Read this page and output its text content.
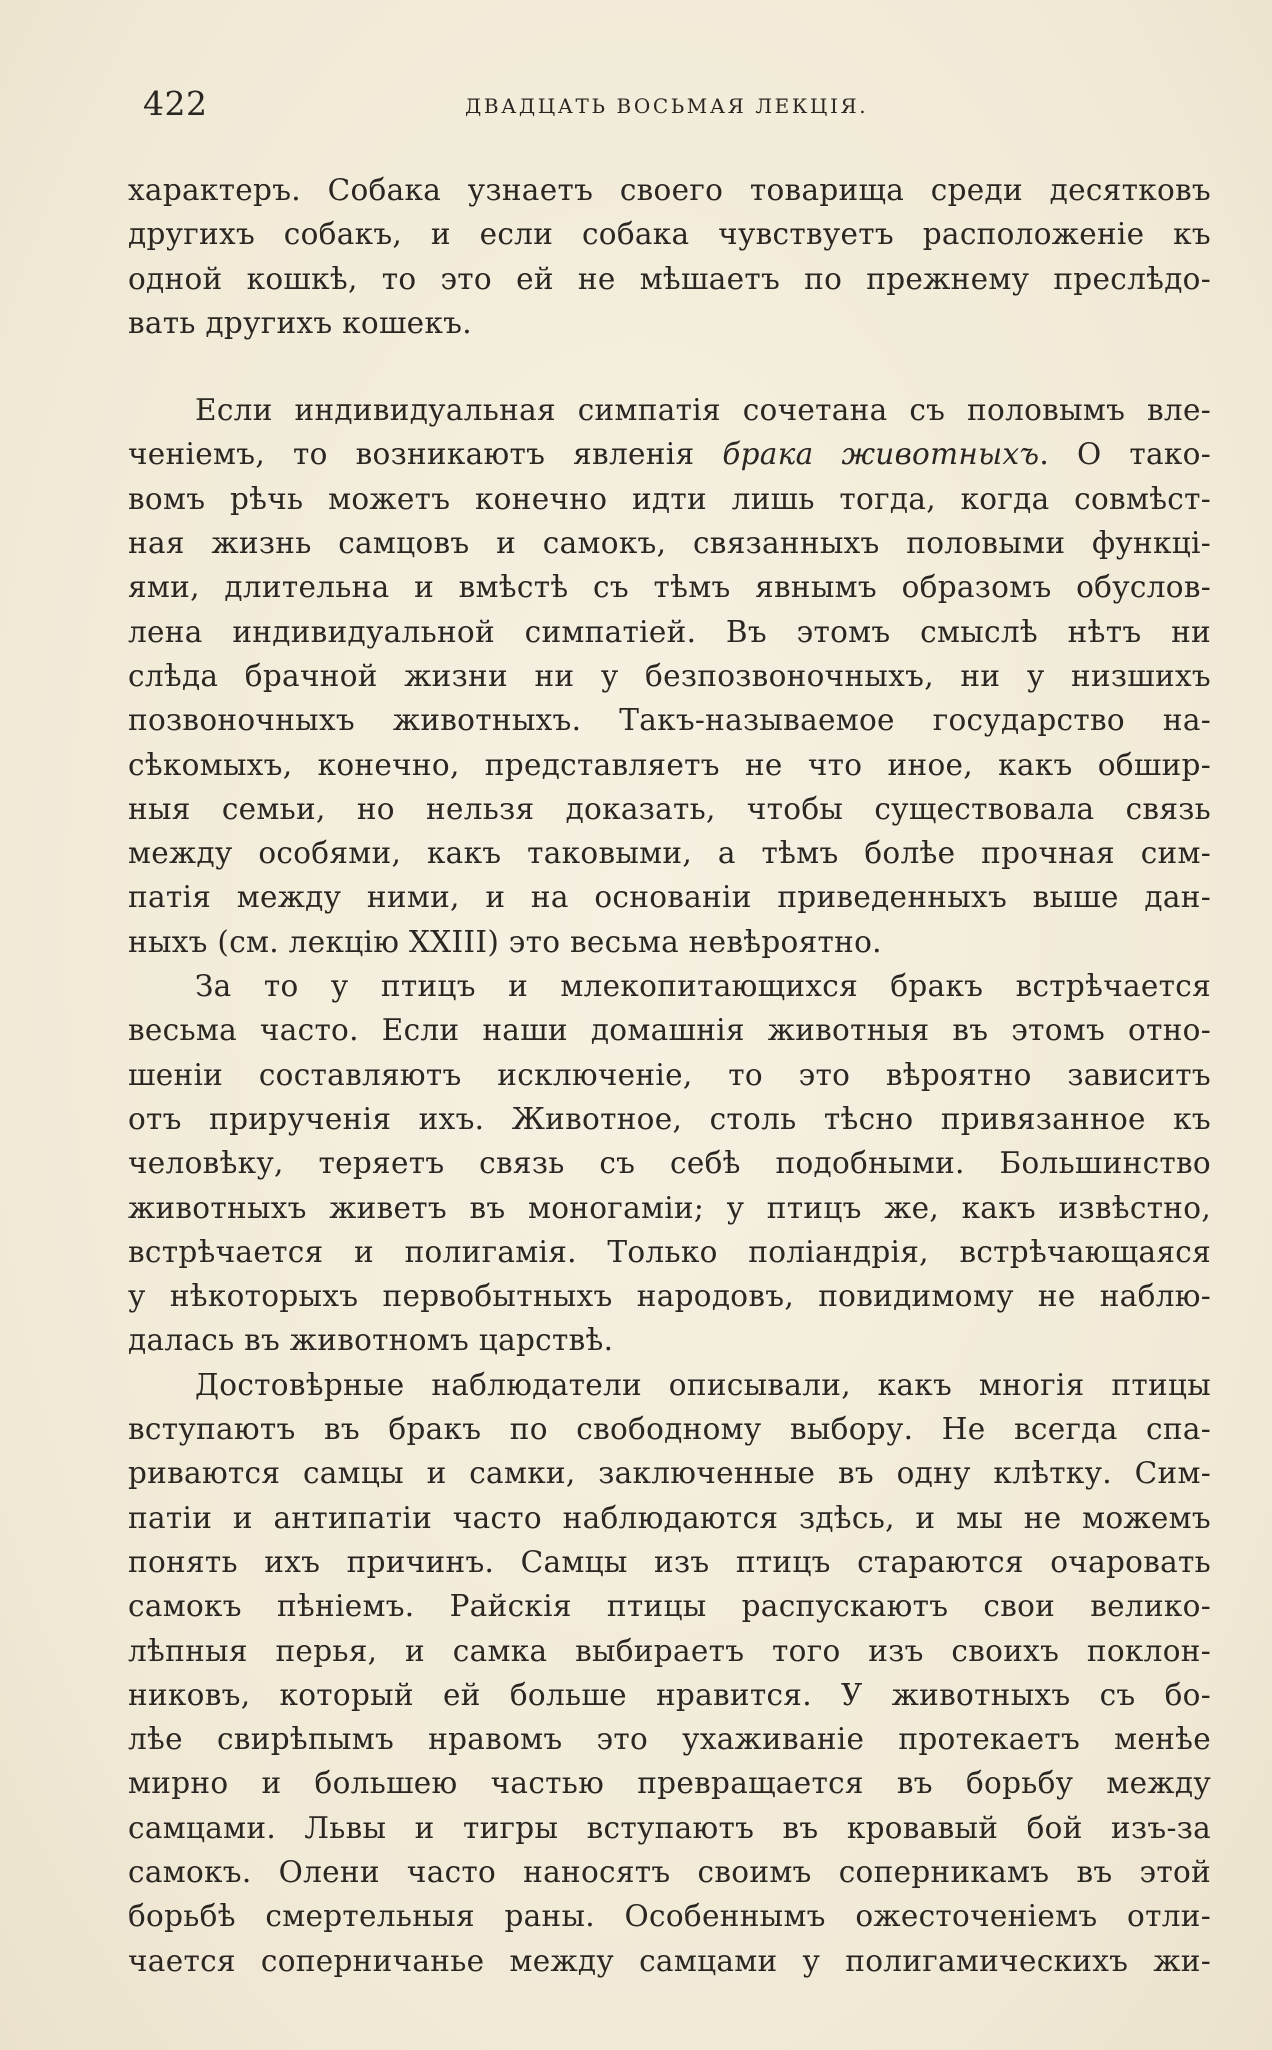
422	ДВАДЦАТЬ ВОСЬМАЯ ЛЕКЦІЯ.
характеръ. Собака узнаетъ своего товарища среди десятковъ
другихъ собакъ, и если собака чувствуетъ расположеніе къ
одной кошкѣ, то это ей не мѣшаетъ по прежнему преслѣдо-
вать другихъ кошекъ.
Если индивидуальная симпатія сочетана съ половымъ вле-
ченіемъ, то возникаютъ явленія брака животныхъ. О тако-
вомъ рѣчь можетъ конечно идти лишь тогда, когда совмѣст-
ная жизнь самцовъ и самокъ, связанныхъ половыми функці-
ями, длительна и вмѣстѣ съ тѣмъ явнымъ образомъ обуслов-
лена индивидуальной симпатіей. Въ этомъ смыслѣ нѣтъ ни
слѣда брачной жизни ни у безпозвоночныхъ, ни у низшихъ
позвоночныхъ животныхъ. Такъ-называемое государство на-
сѣкомыхъ, конечно, представляетъ не что иное, какъ обшир-
ныя семьи, но нельзя доказать, чтобы существовала связь
между особями, какъ таковыми, а тѣмъ болѣе прочная сим-
патія между ними, и на основаніи приведенныхъ выше дан-
ныхъ (см. лекцію XXIII) это весьма невѣроятно.
За то у птицъ и млекопитающихся бракъ встрѣчается
весьма часто. Если наши домашнія животныя въ этомъ отно-
шеніи составляютъ исключеніе, то это вѣроятно зависитъ
отъ прирученія ихъ. Животное, столь тѣсно привязанное къ
человѣку, теряетъ связь съ себѣ подобными. Большинство
животныхъ живетъ въ моногаміи; у птицъ же, какъ извѣстно,
встрѣчается и полигамія. Только поліандрія, встрѣчающаяся
у нѣкоторыхъ первобытныхъ народовъ, повидимому не наблю-
далась въ животномъ царствѣ.
Достовѣрные наблюдатели описывали, какъ многія птицы
вступаютъ въ бракъ по свободному выбору. Не всегда спа-
риваются самцы и самки, заключенные въ одну клѣтку. Сим-
патіи и антипатіи часто наблюдаются здѣсь, и мы не можемъ
понять ихъ причинъ. Самцы изъ птицъ стараются очаровать
самокъ пѣніемъ. Райскія птицы распускаютъ свои велико-
лѣпныя перья, и самка выбираетъ того изъ своихъ поклон-
никовъ, который ей больше нравится. У животныхъ съ бо-
лѣе свирѣпымъ нравомъ это ухаживаніе протекаетъ менѣе
мирно и большею частью превращается въ борьбу между
самцами. Львы и тигры вступаютъ въ кровавый бой изъ-за
самокъ. Олени часто наносятъ своимъ соперникамъ въ этой
борьбѣ смертельныя раны. Особеннымъ ожесточеніемъ отли-
чается соперничанье между самцами у полигамическихъ жи-
